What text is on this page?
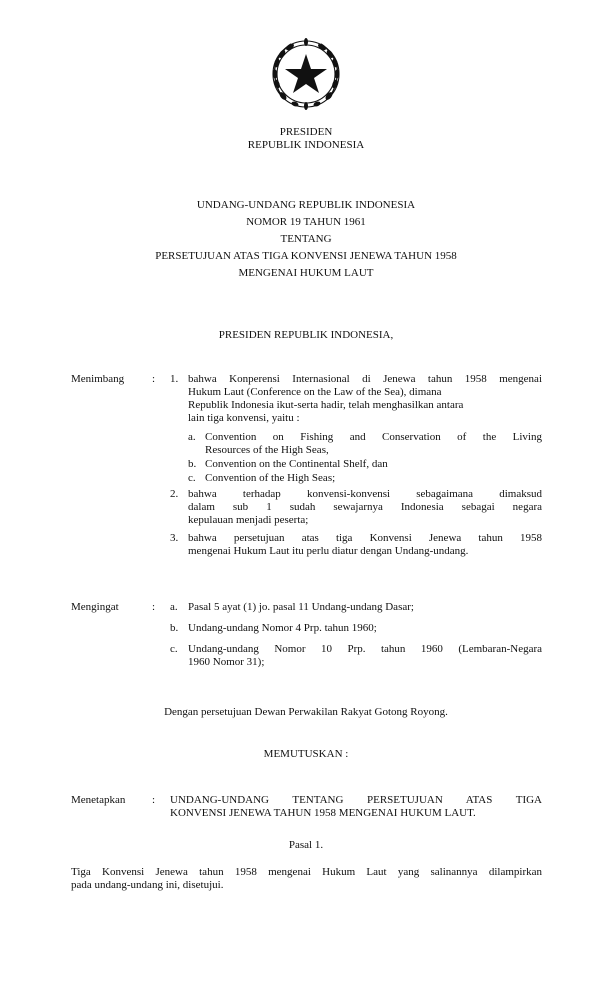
PRESIDEN
REPUBLIK INDONESIA
UNDANG-UNDANG REPUBLIK INDONESIA
NOMOR 19 TAHUN 1961
TENTANG
PERSETUJUAN ATAS TIGA KONVENSI JENEWA TAHUN 1958
MENGENAI HUKUM LAUT
PRESIDEN REPUBLIK INDONESIA,
Menimbang	: 1. bahwa Konperensi Internasional di Jenewa tahun 1958 mengenai
Hukum Laut (Conference on the Law of the Sea), dimana
Republik Indonesia ikut-serta hadir, telah menghasilkan antara
lain tiga konvensi, yaitu :
a. Convention on Fishing and Conservation of the Living
Resources of the High Seas,
b. Convention on the Continental Shelf, dan
c. Convention of the High Seas;
2. bahwa terhadap konvensi-konvensi sebagaimana dimaksud
dalam sub 1 sudah sewajarnya Indonesia sebagai negara
kepulauan menjadi peserta;
3. bahwa persetujuan atas tiga Konvensi Jenewa tahun 1958
mengenai Hukum Laut itu perlu diatur dengan Undang-undang.
Mengingat	: a. Pasal 5 ayat (1) jo. pasal 11 Undang-undang Dasar;
b. Undang-undang Nomor 4 Prp. tahun 1960;
c. Undang-undang Nomor 10 Prp. tahun 1960 (Lembaran-Negara
1960 Nomor 31);
Dengan persetujuan Dewan Perwakilan Rakyat Gotong Royong.
MEMUTUSKAN :
Menetapkan : UNDANG-UNDANG TENTANG PERSETUJUAN ATAS TIGA
KONVENSI JENEWA TAHUN 1958 MENGENAI HUKUM LAUT.
Pasal 1.
Tiga Konvensi Jenewa tahun 1958 mengenai Hukum Laut yang salinannya dilampirkan
pada undang-undang ini, disetujui.
